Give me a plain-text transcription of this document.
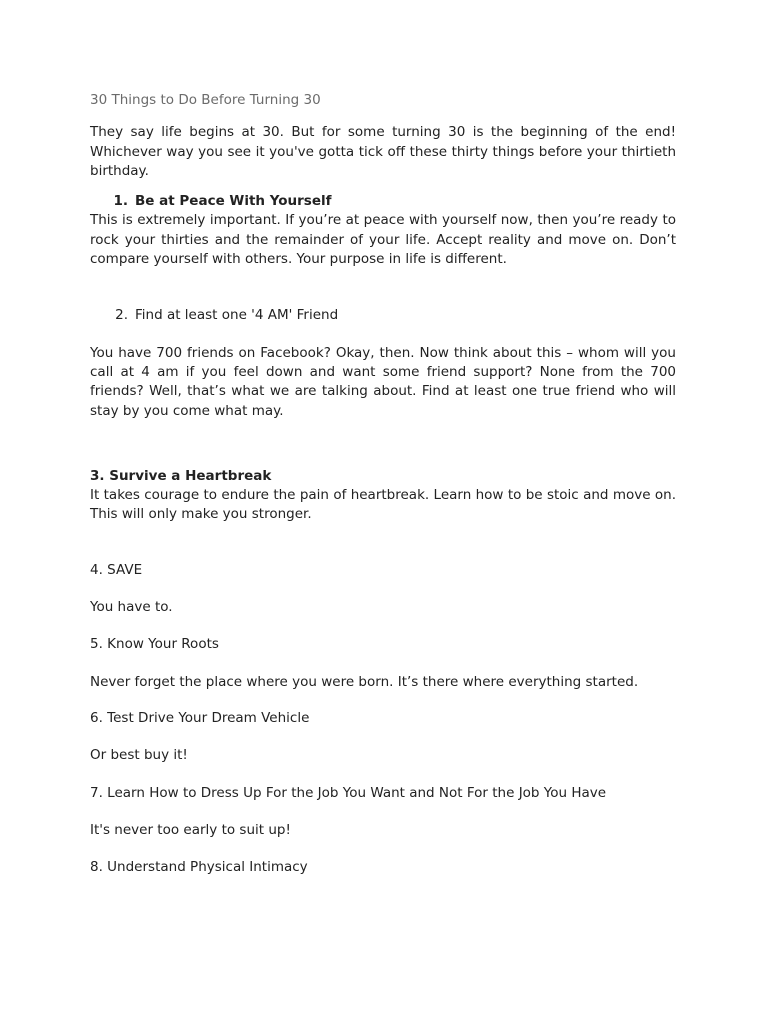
30 Things to Do Before Turning 30

They say life begins at 30. But for some turning 30 is the beginning of the end! Whichever way you see it you've gotta tick off these thirty things before your thirtieth birthday.

1. Be at Peace With Yourself

This is extremely important. If you’re at peace with yourself now, then you’re ready to rock your thirties and the remainder of your life. Accept reality and move on. Don’t compare yourself with others. Your purpose in life is different.

2. Find at least one '4 AM' Friend

You have 700 friends on Facebook? Okay, then. Now think about this – whom will you call at 4 am if you feel down and want some friend support? None from the 700 friends? Well, that’s what we are talking about. Find at least one true friend who will stay by you come what may.

3. Survive a Heartbreak

It takes courage to endure the pain of heartbreak. Learn how to be stoic and move on. This will only make you stronger.

4. SAVE

You have to.

5. Know Your Roots

Never forget the place where you were born. It’s there where everything started.

6. Test Drive Your Dream Vehicle

Or best buy it!

7. Learn How to Dress Up For the Job You Want and Not For the Job You Have

It's never too early to suit up!

8. Understand Physical Intimacy
